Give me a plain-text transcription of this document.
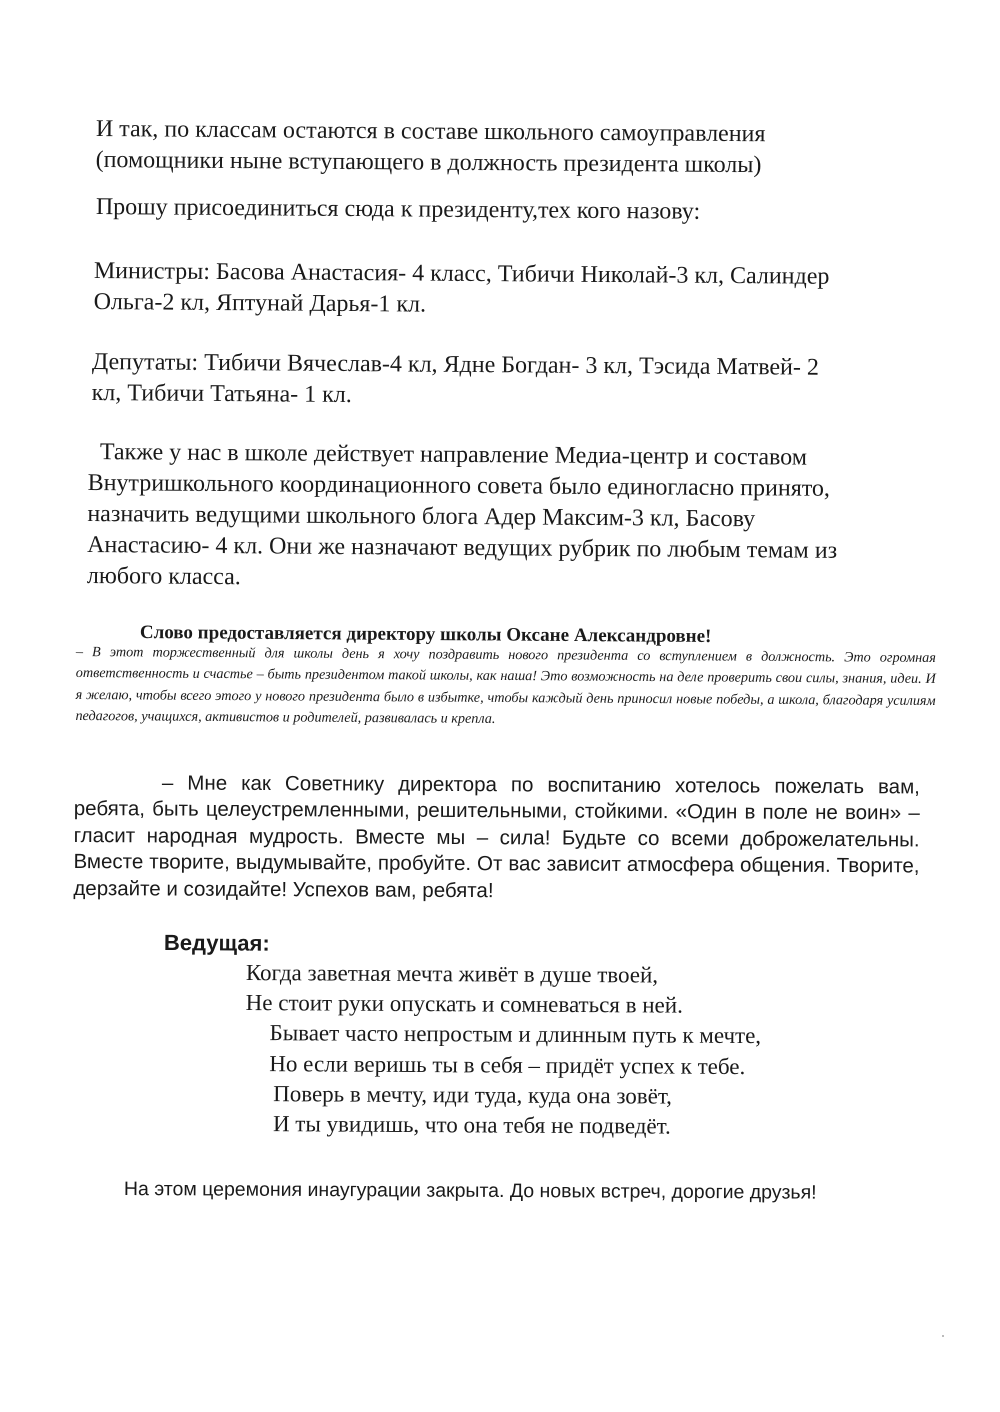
И так, по классам остаются в составе школьного самоуправления
(помощники ныне вступающего в должность президента школы)

Прошу присоединиться сюда к президенту,тех кого назову:

Министры: Басова Анастасия- 4 класс, Тибичи Николай-3 кл, Салиндер
Ольга-2 кл, Яптунай Дарья-1 кл.

Депутаты: Тибичи Вячеслав-4 кл, Ядне Богдан- 3 кл, Тэсида Матвей- 2
кл, Тибичи Татьяна- 1 кл.

Также у нас в школе действует направление Медиа-центр и составом
Внутришкольного координационного совета было единогласно принято,
назначить ведущими школьного блога Адер Максим-3 кл, Басову
Анастасию- 4 кл. Они же назначают ведущих рубрик по любым темам из
любого класса.

Слово предоставляется директору школы Оксане Александровне!

– В этот торжественный для школы день я хочу поздравить нового президента со вступлением в должность. Это огромная ответственность и счастье – быть президентом такой школы, как наша! Это возможность на деле проверить свои силы, знания, идеи. И я желаю, чтобы всего этого у нового президента было в избытке, чтобы каждый день приносил новые победы, а школа, благодаря усилиям педагогов, учащихся, активистов и родителей, развивалась и крепла.

– Мне как Советнику директора по воспитанию хотелось пожелать вам, ребята, быть целеустремленными, решительными, стойкими. «Один в поле не воин» – гласит народная мудрость. Вместе мы – сила! Будьте со всеми доброжелательны. Вместе творите, выдумывайте, пробуйте. От вас зависит атмосфера общения. Творите, дерзайте и созидайте! Успехов вам, ребята!

Ведущая:

Когда заветная мечта живёт в душе твоей,
Не стоит руки опускать и сомневаться в ней.
Бывает часто непростым и длинным путь к мечте,
Но если веришь ты в себя – придёт успех к тебе.
Поверь в мечту, иди туда, куда она зовёт,
И ты увидишь, что она тебя не подведёт.

На этом церемония инаугурации закрыта. До новых встреч, дорогие друзья!
